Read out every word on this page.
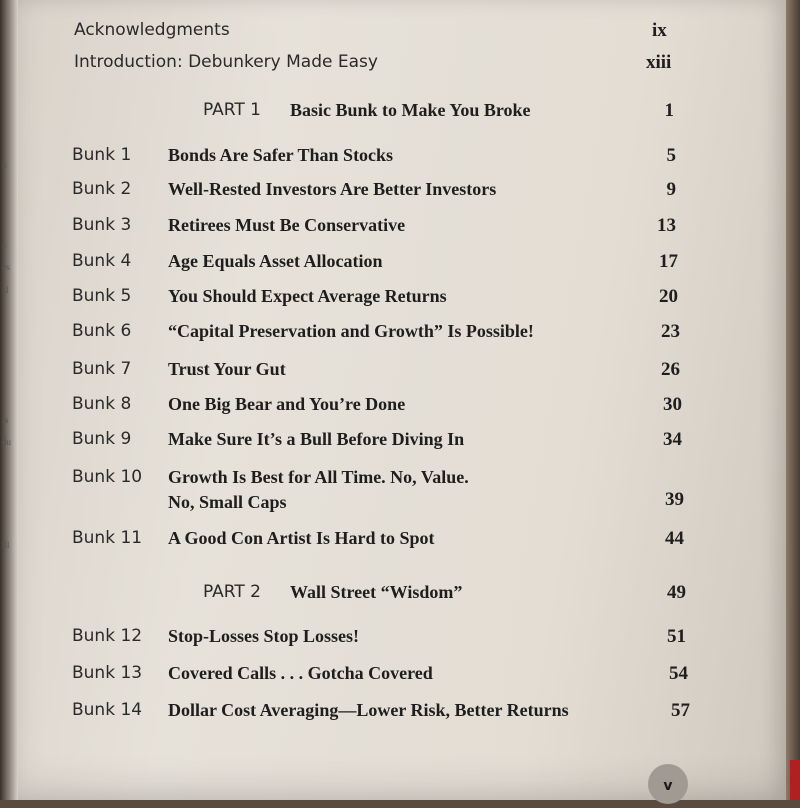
n
a
os
al
rs
du
ill
Acknowledgments	ix
Introduction: Debunkery Made Easy	xiii
PART 1 Basic Bunk to Make You Broke	1
Bunk 1 Bonds Are Safer Than Stocks	5
Bunk 2 Well-Rested Investors Are Better Investors	9
Bunk 3 Retirees Must Be Conservative	13
Bunk 4 Age Equals Asset Allocation	17
Bunk 5 You Should Expect Average Returns	20
Bunk 6 “Capital Preservation and Growth” Is Possible!	23
Bunk 7 Trust Your Gut	26
Bunk 8 One Big Bear and You’re Done	30
Bunk 9 Make Sure It’s a Bull Before Diving In	34
Bunk 10 Growth Is Best for All Time. No, Value.
No, Small Caps	39
Bunk 11 A Good Con Artist Is Hard to Spot	44
PART 2 Wall Street “Wisdom”	49
Bunk 12 Stop-Losses Stop Losses!	51
Bunk 13 Covered Calls . . . Gotcha Covered	54
Bunk 14 Dollar Cost Averaging—Lower Risk, Better Returns	57
v
